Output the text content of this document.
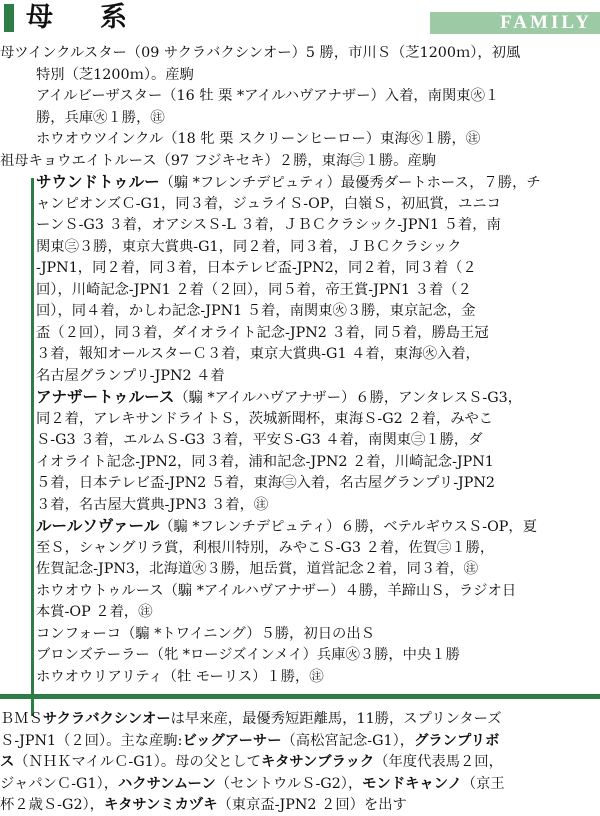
母　系	FAMILY
母ツインクルスター（09 サクラバクシンオー）5 勝，市川Ｓ（芝1200ｍ），初風
特別（芝1200ｍ）。産駒
アイルビーザスター（16 牡 栗 *アイルハヴアナザー）入着，南関東㊋１
勝，兵庫㊋１勝，㊟
ホウオウツインクル（18 牝 栗 スクリーンヒーロー）東海㊋１勝，㊟
祖母キョウエイトルース（97 フジキセキ）２勝，東海㊂１勝。産駒
サウンドトゥルー（騸 *フレンチデピュティ）最優秀ダートホース，７勝，チ
ャンピオンズＣ-G1，同３着，ジュライＳ-OP，白嶺Ｓ，初凪賞，ユニコ
ーンＳ-G3 ３着，オアシスＳ-L ３着，ＪＢＣクラシック-JPN1 ５着，南
関東㊂３勝，東京大賞典-G1，同２着，同３着，ＪＢＣクラシック
-JPN1，同２着，同３着，日本テレビ盃-JPN2，同２着，同３着（２
回），川崎記念-JPN1 ２着（２回），同５着，帝王賞-JPN1 ３着（２
回），同４着，かしわ記念-JPN1 ５着，南関東㊋３勝，東京記念，金
盃（２回），同３着，ダイオライト記念-JPN2 ３着，同５着，勝島王冠
３着，報知オールスターＣ３着，東京大賞典-G1 ４着，東海㊋入着，
名古屋グランプリ-JPN2 ４着
アナザートゥルース（騸 *アイルハヴアナザー）６勝，アンタレスＳ-G3，
同２着，アレキサンドライトＳ，茨城新聞杯，東海Ｓ-G2 ２着，みやこ
Ｓ-G3 ３着，エルムＳ-G3 ３着，平安Ｓ-G3 ４着，南関東㊂１勝，ダ
イオライト記念-JPN2，同３着，浦和記念-JPN2 ２着，川崎記念-JPN1
５着，日本テレビ盃-JPN2 ５着，東海㊂入着，名古屋グランプリ-JPN2
３着，名古屋大賞典-JPN3 ３着，㊟
ルールソヴァール（騸 *フレンチデピュティ）６勝，ベテルギウスＳ-OP，夏
至Ｓ，シャングリラ賞，利根川特別，みやこＳ-G3 ２着，佐賀㊂１勝，
佐賀記念-JPN3，北海道㊋３勝，旭岳賞，道営記念２着，同３着，㊟
ホウオウトゥルース（騸 *アイルハヴアナザー）４勝，羊蹄山Ｓ，ラジオ日
本賞-OP ２着，㊟
コンフォーコ（騸 *トワイニング）５勝，初日の出Ｓ
ブロンズテーラー（牝 *ロージズインメイ）兵庫㊋３勝，中央１勝
ホウオウリアリティ（牡 モーリス）１勝，㊟
ＢＭＳサクラバクシンオーは早来産，最優秀短距離馬，11勝，スプリンターズ
Ｓ-JPN1（２回）。主な産駒:ビッグアーサー（高松宮記念-G1），グランプリボ
ス（ＮＨＫマイルＣ-G1）。母の父としてキタサンブラック（年度代表馬２回，
ジャパンＣ-G1），ハクサンムーン（セントウルＳ-G2），モンドキャンノ（京王
杯２歳Ｓ-G2），キタサンミカヅキ（東京盃-JPN2 ２回）を出す
